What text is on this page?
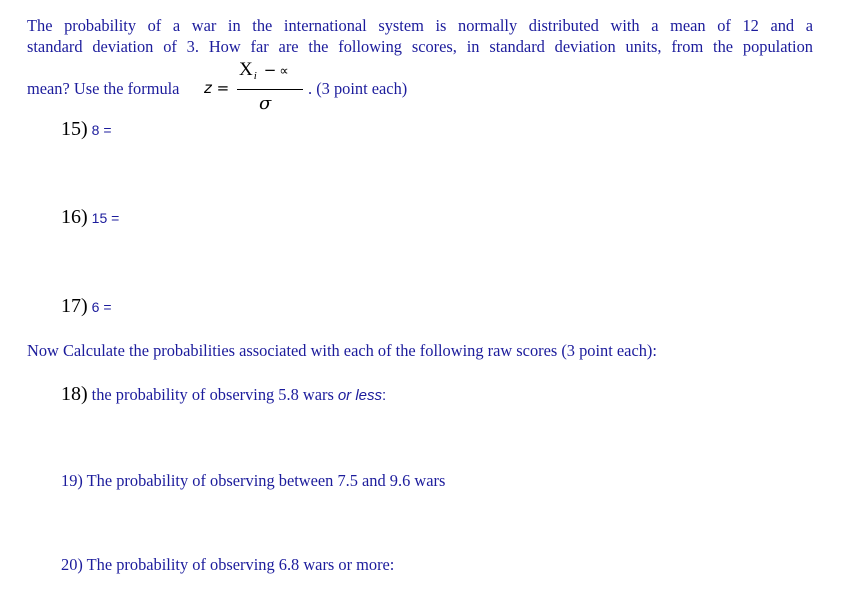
The probability of a war in the international system is normally distributed with a mean of 12 and a
standard deviation of 3. How far are the following scores, in standard deviation units, from the population
mean? Use the formula z =
$X_i$ − ∝
σ
. (3 point each)
15) 8 =
16) 15 =
17) 6 =
Now Calculate the probabilities associated with each of the following raw scores (3 point each):
18) the probability of observing 5.8 wars or less:
19) The probability of observing between 7.5 and 9.6 wars
20) The probability of observing 6.8 wars or more:
